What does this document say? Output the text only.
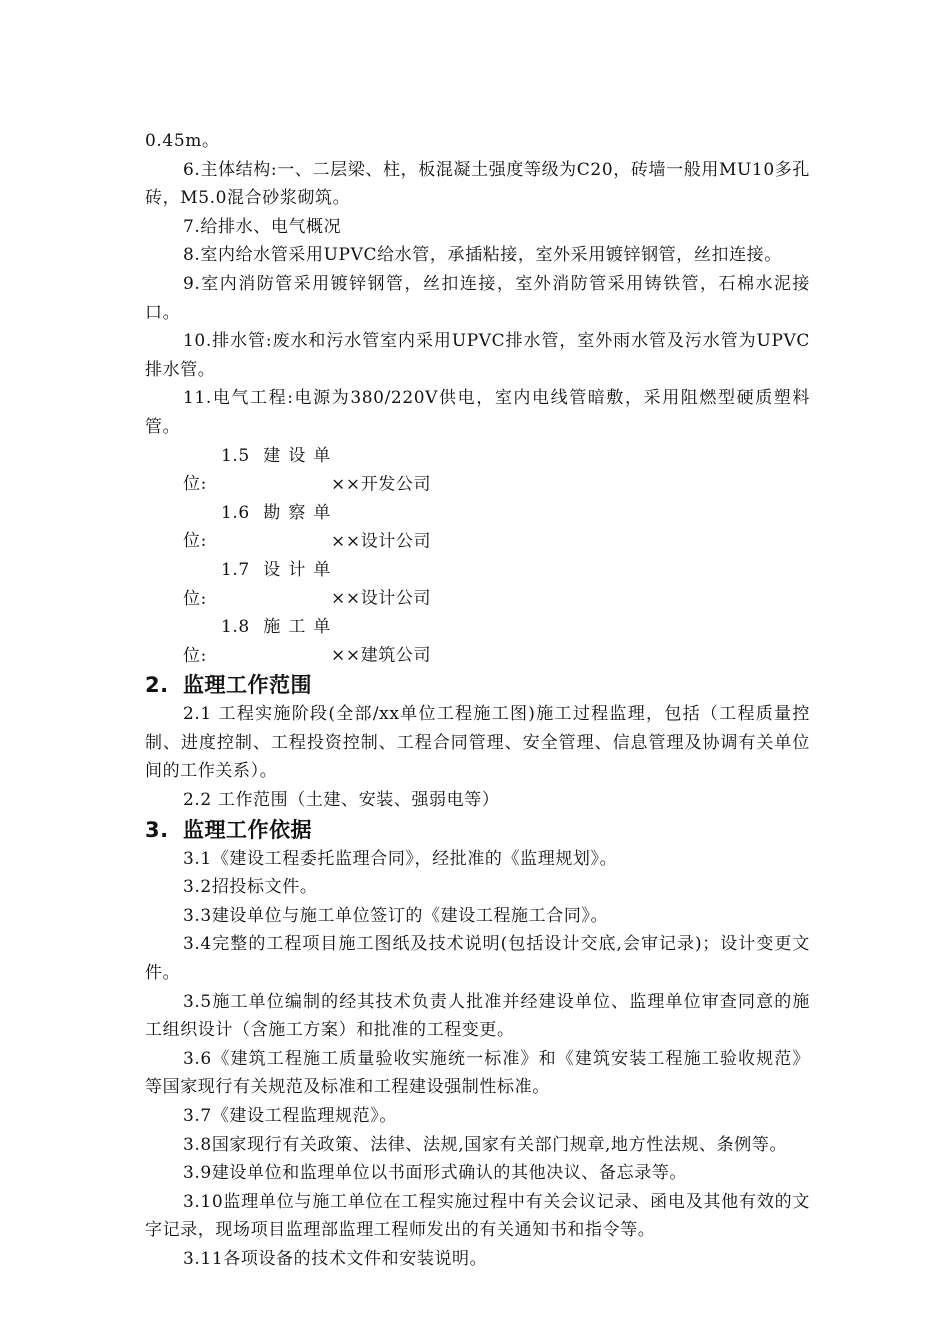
0.45m。

6.主体结构:一、二层梁、柱，板混凝土强度等级为C20，砖墙一般用MU10多孔砖，M5.0混合砂浆砌筑。

7.给排水、电气概况

8.室内给水管采用UPVC给水管，承插粘接，室外采用镀锌钢管，丝扣连接。

9.室内消防管采用镀锌钢管，丝扣连接，室外消防管采用铸铁管，石棉水泥接口。

10.排水管:废水和污水管室内采用UPVC排水管，室外雨水管及污水管为UPVC排水管。

11.电气工程:电源为380/220V供电，室内电线管暗敷，采用阻燃型硬质塑料管。

1.5 建设单位:	××开发公司

1.6 勘察单位:	××设计公司

1.7 设计单位:	××设计公司

1.8 施工单位:	××建筑公司

2. 监理工作范围

2.1 工程实施阶段(全部/xx单位工程施工图)施工过程监理，包括（工程质量控制、进度控制、工程投资控制、工程合同管理、安全管理、信息管理及协调有关单位间的工作关系）。

2.2 工作范围（土建、安装、强弱电等）

3. 监理工作依据

3.1《建设工程委托监理合同》，经批准的《监理规划》。

3.2招投标文件。

3.3建设单位与施工单位签订的《建设工程施工合同》。

3.4完整的工程项目施工图纸及技术说明(包括设计交底,会审记录)；设计变更文件。

3.5施工单位编制的经其技术负责人批准并经建设单位、监理单位审查同意的施工组织设计（含施工方案）和批准的工程变更。

3.6《建筑工程施工质量验收实施统一标准》和《建筑安装工程施工验收规范》等国家现行有关规范及标准和工程建设强制性标准。

3.7《建设工程监理规范》。

3.8国家现行有关政策、法律、法规,国家有关部门规章,地方性法规、条例等。

3.9建设单位和监理单位以书面形式确认的其他决议、备忘录等。

3.10监理单位与施工单位在工程实施过程中有关会议记录、函电及其他有效的文字记录，现场项目监理部监理工程师发出的有关通知书和指令等。

3.11各项设备的技术文件和安装说明。
